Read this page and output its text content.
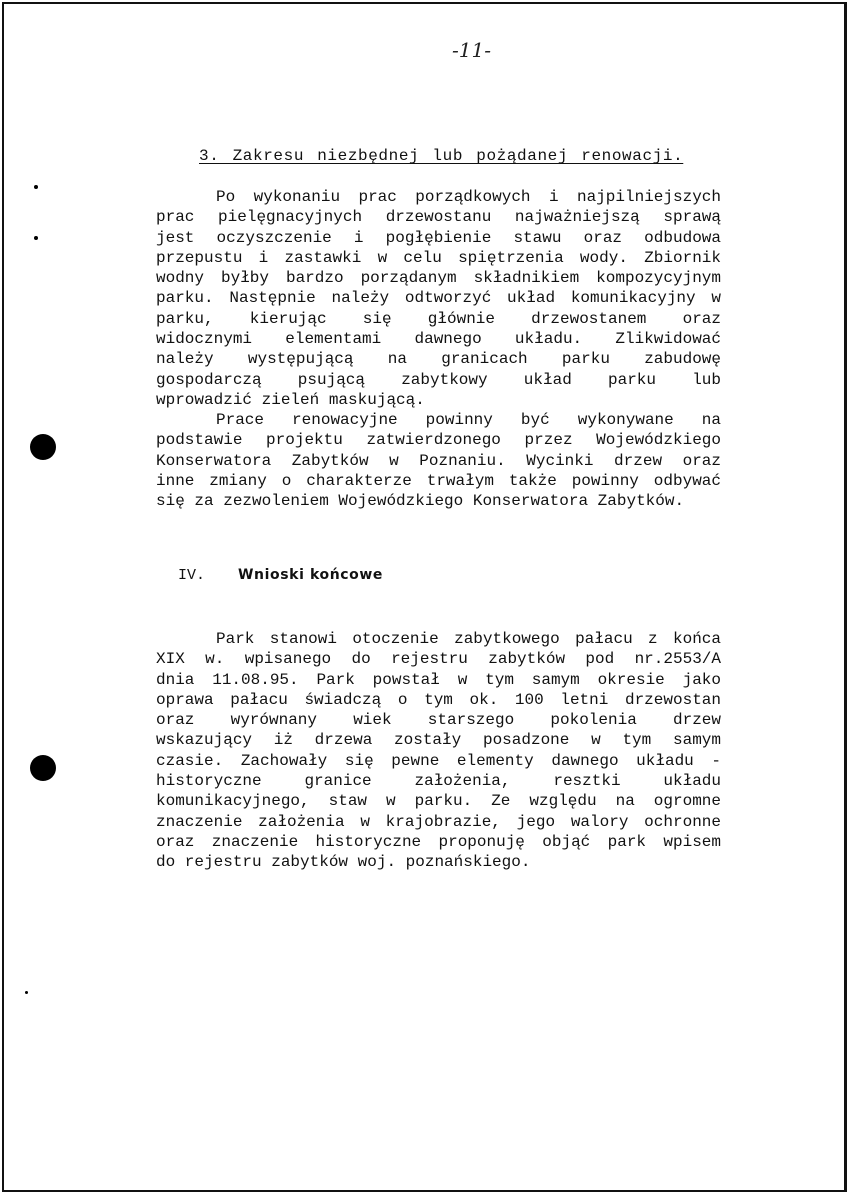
-11-
3. Zakresu niezbędnej lub pożądanej renowacji.
Po wykonaniu prac porządkowych i najpilniejszych
prac pielęgnacyjnych drzewostanu najważniejszą sprawą
jest oczyszczenie i pogłębienie stawu oraz odbudowa
przepustu i zastawki w celu spiętrzenia wody. Zbiornik
wodny byłby bardzo porządanym składnikiem kompozycyjnym
parku. Następnie należy odtworzyć układ komunikacyjny w
parku, kierując się głównie drzewostanem oraz
widocznymi elementami dawnego układu. Zlikwidować
należy występującą na granicach parku zabudowę
gospodarczą psującą zabytkowy układ parku lub
wprowadzić zieleń maskującą.
Prace renowacyjne powinny być wykonywane na
podstawie projektu zatwierdzonego przez Wojewódzkiego
Konserwatora Zabytków w Poznaniu. Wycinki drzew oraz
inne zmiany o charakterze trwałym także powinny odbywać
się za zezwoleniem Wojewódzkiego Konserwatora Zabytków.
IV. Wnioski końcowe
Park stanowi otoczenie zabytkowego pałacu z końca
XIX w. wpisanego do rejestru zabytków pod nr.2553/A
dnia 11.08.95. Park powstał w tym samym okresie jako
oprawa pałacu świadczą o tym ok. 100 letni drzewostan
oraz wyrównany wiek starszego pokolenia drzew
wskazujący iż drzewa zostały posadzone w tym samym
czasie. Zachowały się pewne elementy dawnego układu -
historyczne granice założenia, resztki układu
komunikacyjnego, staw w parku. Ze względu na ogromne
znaczenie założenia w krajobrazie, jego walory ochronne
oraz znaczenie historyczne proponuję objąć park wpisem
do rejestru zabytków woj. poznańskiego.
